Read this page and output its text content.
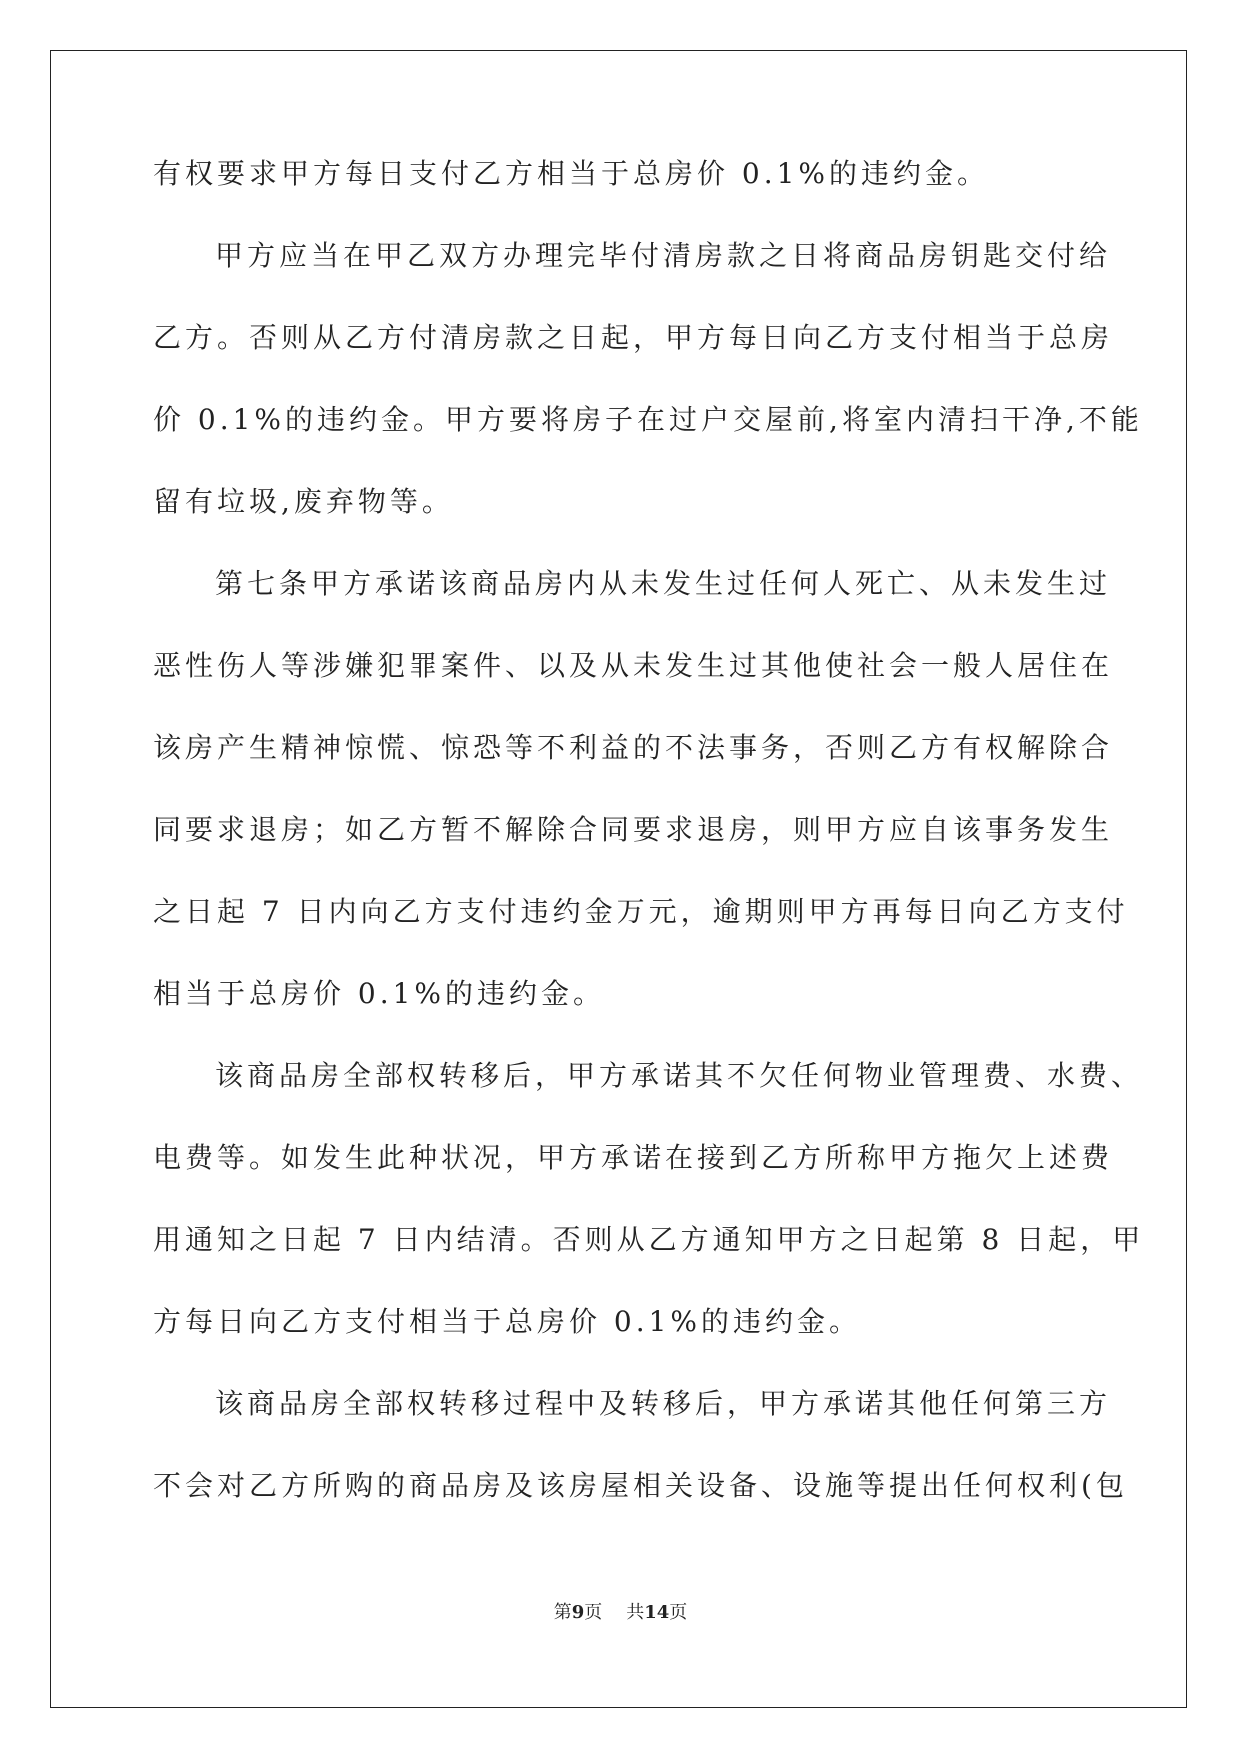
有权要求甲方每日支付乙方相当于总房价 0.1%的违约金。
甲方应当在甲乙双方办理完毕付清房款之日将商品房钥匙交付给
乙方。否则从乙方付清房款之日起，甲方每日向乙方支付相当于总房
价 0.1%的违约金。甲方要将房子在过户交屋前,将室内清扫干净,不能
留有垃圾,废弃物等。
第七条甲方承诺该商品房内从未发生过任何人死亡、从未发生过
恶性伤人等涉嫌犯罪案件、以及从未发生过其他使社会一般人居住在
该房产生精神惊慌、惊恐等不利益的不法事务，否则乙方有权解除合
同要求退房；如乙方暂不解除合同要求退房，则甲方应自该事务发生
之日起 7 日内向乙方支付违约金万元，逾期则甲方再每日向乙方支付
相当于总房价 0.1%的违约金。
该商品房全部权转移后，甲方承诺其不欠任何物业管理费、水费、
电费等。如发生此种状况，甲方承诺在接到乙方所称甲方拖欠上述费
用通知之日起 7 日内结清。否则从乙方通知甲方之日起第 8 日起，甲
方每日向乙方支付相当于总房价 0.1%的违约金。
该商品房全部权转移过程中及转移后，甲方承诺其他任何第三方
不会对乙方所购的商品房及该房屋相关设备、设施等提出任何权利(包
第9页 共14页
